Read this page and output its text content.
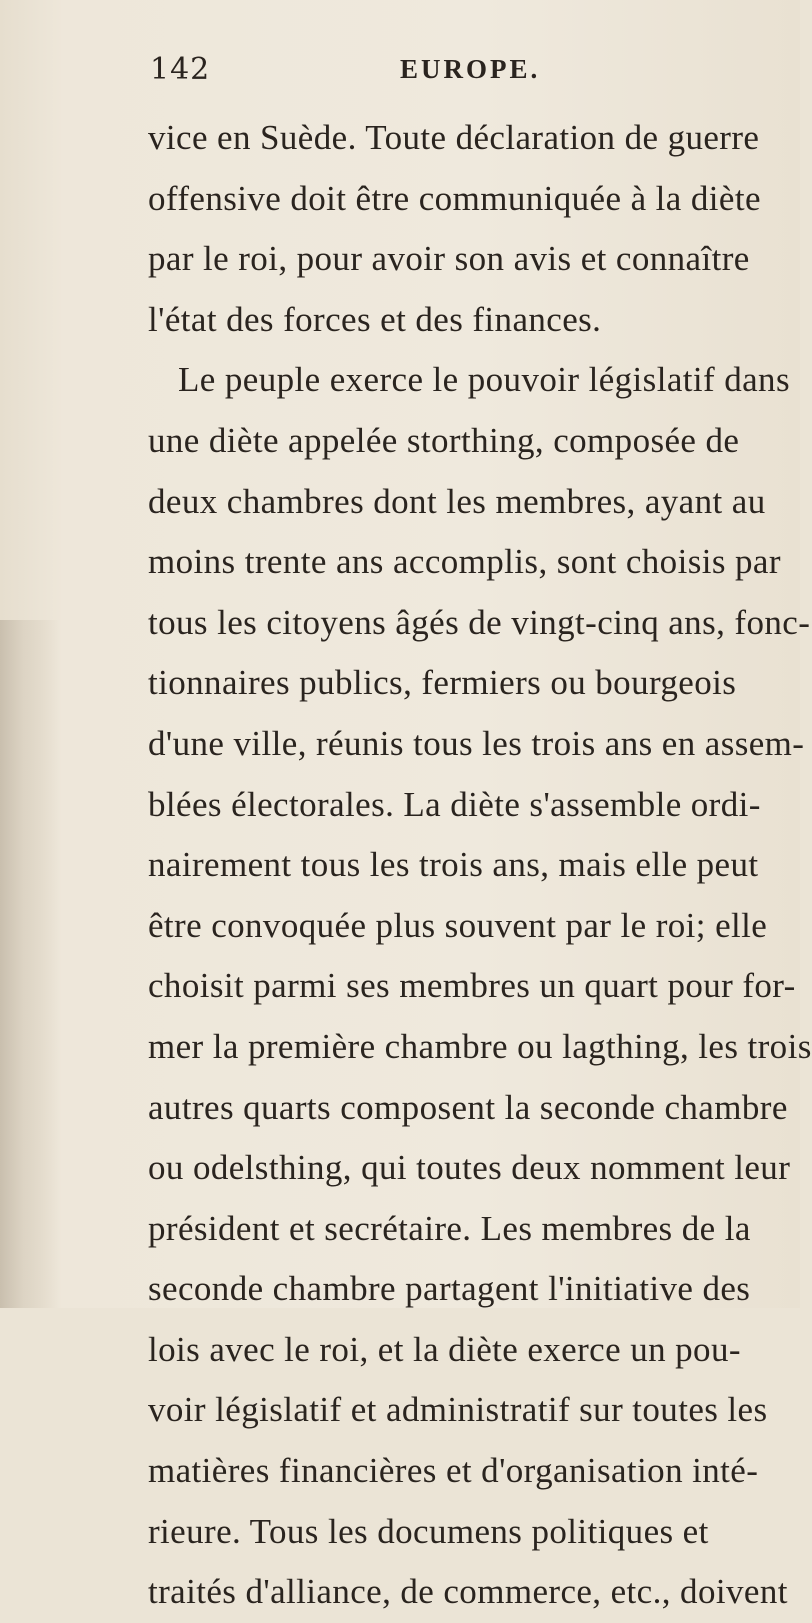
142	EUROPE.
vice en Suède. Toute déclaration de guerre
offensive doit être communiquée à la diète
par le roi, pour avoir son avis et connaître
l'état des forces et des finances.
Le peuple exerce le pouvoir législatif dans
une diète appelée storthing, composée de
deux chambres dont les membres, ayant au
moins trente ans accomplis, sont choisis par
tous les citoyens âgés de vingt-cinq ans, fonc-
tionnaires publics, fermiers ou bourgeois
d'une ville, réunis tous les trois ans en assem-
blées électorales. La diète s'assemble ordi-
nairement tous les trois ans, mais elle peut
être convoquée plus souvent par le roi; elle
choisit parmi ses membres un quart pour for-
mer la première chambre ou lagthing, les trois
autres quarts composent la seconde chambre
ou odelsthing, qui toutes deux nomment leur
président et secrétaire. Les membres de la
seconde chambre partagent l'initiative des
lois avec le roi, et la diète exerce un pou-
voir législatif et administratif sur toutes les
matières financières et d'organisation inté-
rieure. Tous les documens politiques et
traités d'alliance, de commerce, etc., doivent
